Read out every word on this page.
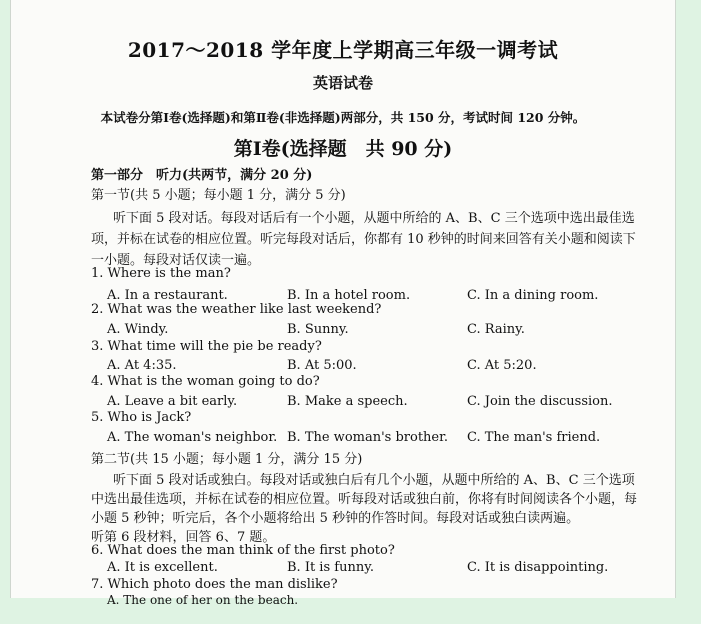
2017～2018 学年度上学期高三年级一调考试
英语试卷
本试卷分第Ⅰ卷(选择题)和第Ⅱ卷(非选择题)两部分，共 150 分，考试时间 120 分钟。
第Ⅰ卷(选择题　共 90 分)
第一部分　听力(共两节，满分 20 分)
第一节(共 5 小题；每小题 1 分，满分 5 分)
听下面 5 段对话。每段对话后有一个小题，从题中所给的 A、B、C 三个选项中选出最佳选
项，并标在试卷的相应位置。听完每段对话后，你都有 10 秒钟的时间来回答有关小题和阅读下
一小题。每段对话仅读一遍。
1. Where is the man?
A. In a restaurant.	B. In a hotel room.	C. In a dining room.
2. What was the weather like last weekend?
A. Windy.	B. Sunny.	C. Rainy.
3. What time will the pie be ready?
A. At 4:35.	B. At 5:00.	C. At 5:20.
4. What is the woman going to do?
A. Leave a bit early.	B. Make a speech.	C. Join the discussion.
5. Who is Jack?
A. The woman's neighbor. B. The woman's brother. C. The man's friend.
第二节(共 15 小题；每小题 1 分，满分 15 分)
听下面 5 段对话或独白。每段对话或独白后有几个小题，从题中所给的 A、B、C 三个选项
中选出最佳选项，并标在试卷的相应位置。听每段对话或独白前，你将有时间阅读各个小题，每
小题 5 秒钟；听完后，各个小题将给出 5 秒钟的作答时间。每段对话或独白读两遍。
听第 6 段材料，回答 6、7 题。
6. What does the man think of the first photo?
A. It is excellent.	B. It is funny.	C. It is disappointing.
7. Which photo does the man dislike?
A. The one of her on the beach.
